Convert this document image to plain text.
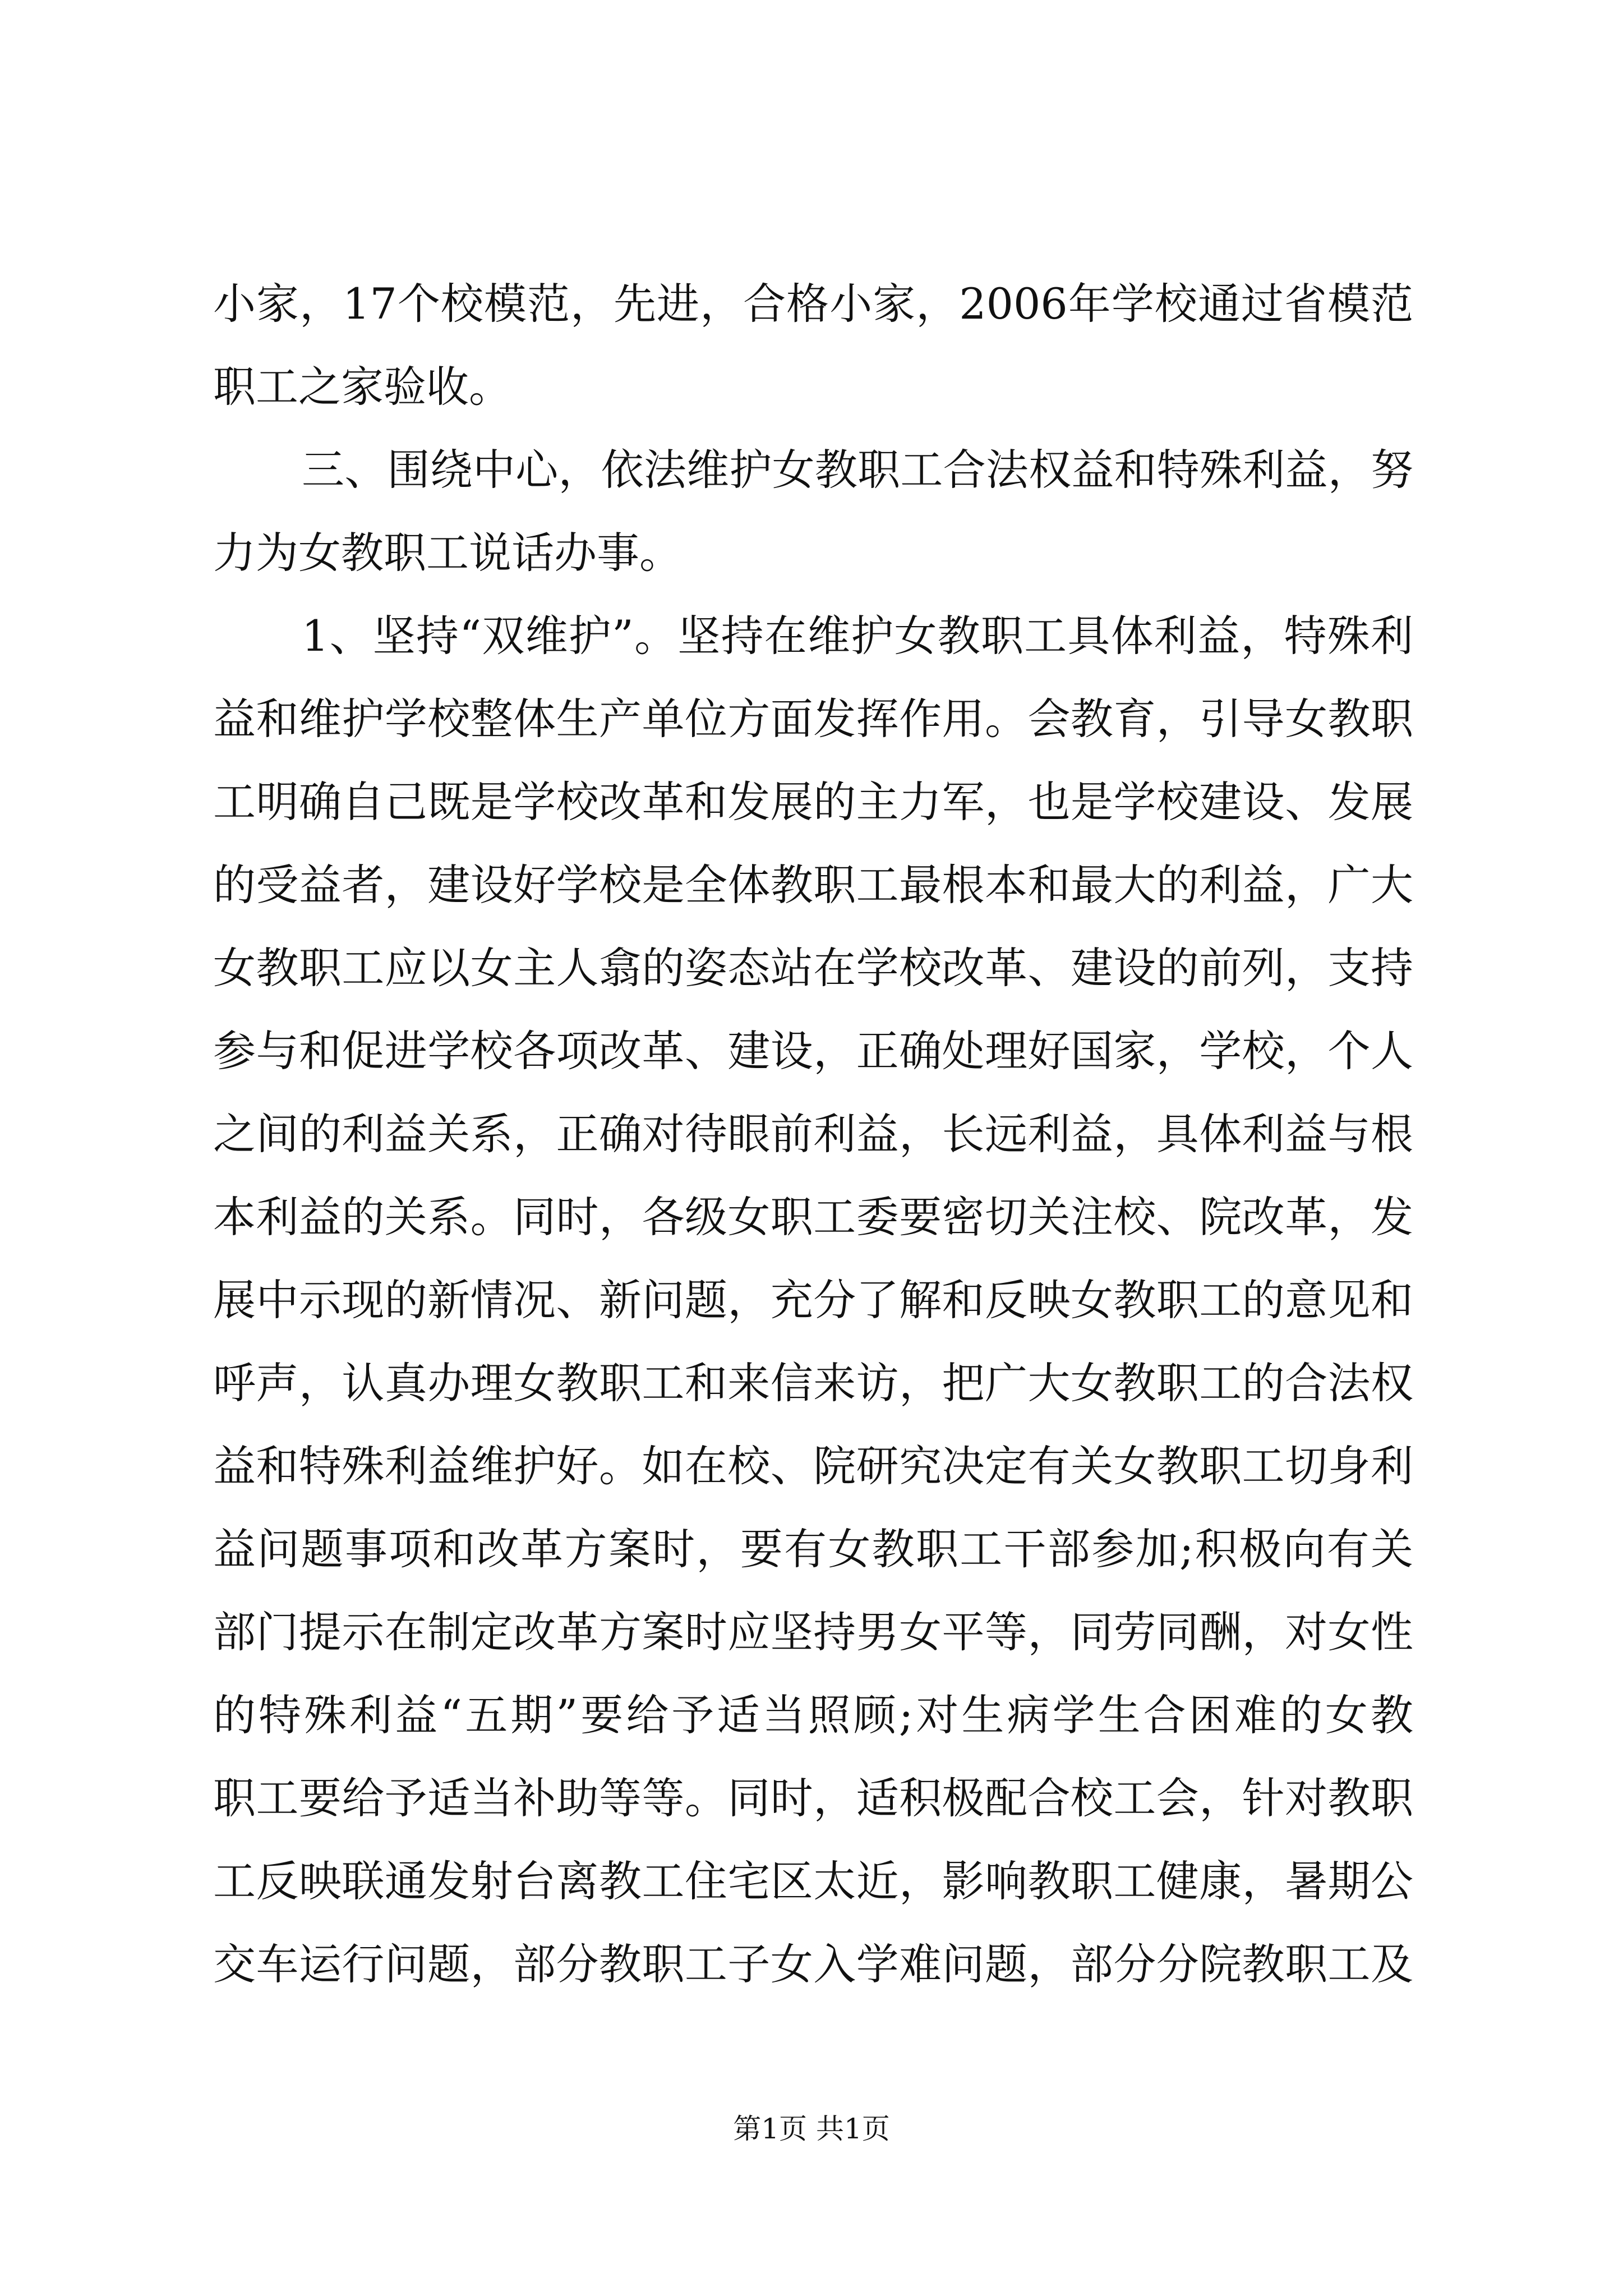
小家，17个校模范，先进，合格小家，2006年学校通过省模范
职工之家验收。
三、围绕中心，依法维护女教职工合法权益和特殊利益，努
力为女教职工说话办事。
1、坚持“双维护”。坚持在维护女教职工具体利益，特殊利
益和维护学校整体生产单位方面发挥作用。会教育，引导女教职
工明确自己既是学校改革和发展的主力军，也是学校建设、发展
的受益者，建设好学校是全体教职工最根本和最大的利益，广大
女教职工应以女主人翕的姿态站在学校改革、建设的前列，支持
参与和促进学校各项改革、建设，正确处理好国家，学校，个人
之间的利益关系，正确对待眼前利益，长远利益，具体利益与根
本利益的关系。同时，各级女职工委要密切关注校、院改革，发
展中示现的新情况、新问题，充分了解和反映女教职工的意见和
呼声，认真办理女教职工和来信来访，把广大女教职工的合法权
益和特殊利益维护好。如在校、院研究决定有关女教职工切身利
益问题事项和改革方案时，要有女教职工干部参加;积极向有关
部门提示在制定改革方案时应坚持男女平等，同劳同酬，对女性
的特殊利益“五期”要给予适当照顾;对生病学生合困难的女教
职工要给予适当补助等等。同时，适积极配合校工会，针对教职
工反映联通发射台离教工住宅区太近，影响教职工健康，暑期公
交车运行问题，部分教职工子女入学难问题，部分分院教职工及
第1页 共1页
